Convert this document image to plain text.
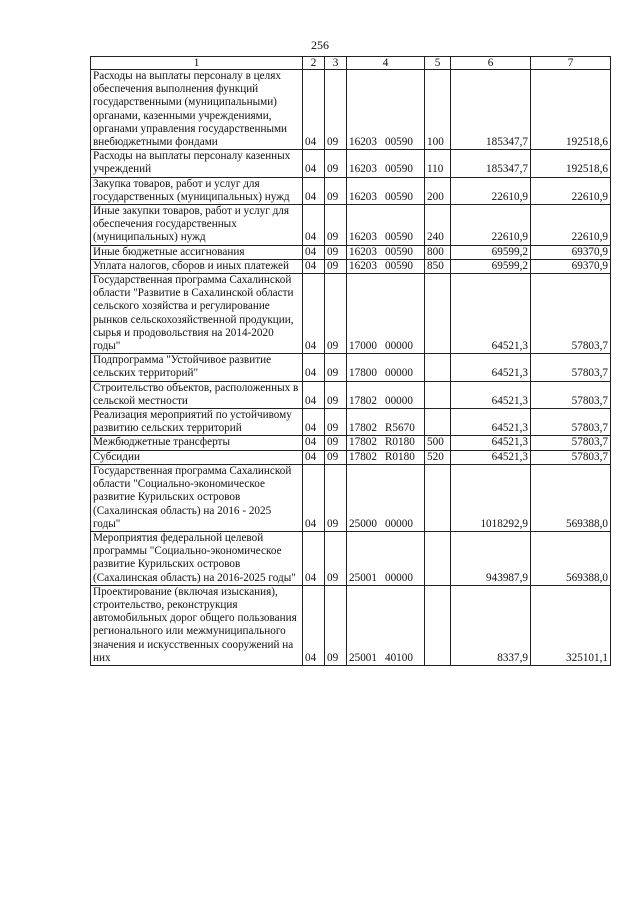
256
1	2	3	4	5	6	7
Расходы на выплаты персоналу в целях обеспечения выполнения функций государственными (муниципальными) органами, казенными учреждениями, органами управления государственными внебюджетными фондами	04	09	16203 00590	100	185347,7	192518,6
Расходы на выплаты персоналу казенных учреждений	04	09	16203 00590	110	185347,7	192518,6
Закупка товаров, работ и услуг для государственных (муниципальных) нужд	04	09	16203 00590	200	22610,9	22610,9
Иные закупки товаров, работ и услуг для обеспечения государственных (муниципальных) нужд	04	09	16203 00590	240	22610,9	22610,9
Иные бюджетные ассигнования	04	09	16203 00590	800	69599,2	69370,9
Уплата налогов, сборов и иных платежей	04	09	16203 00590	850	69599,2	69370,9
Государственная программа Сахалинской области "Развитие в Сахалинской области сельского хозяйства и регулирование рынков сельскохозяйственной продукции, сырья и продовольствия на 2014-2020 годы"	04	09	17000 00000		64521,3	57803,7
Подпрограмма "Устойчивое развитие сельских территорий"	04	09	17800 00000		64521,3	57803,7
Строительство объектов, расположенных в сельской местности	04	09	17802 00000		64521,3	57803,7
Реализация мероприятий по устойчивому развитию сельских территорий	04	09	17802 R5670		64521,3	57803,7
Межбюджетные трансферты	04	09	17802 R0180	500	64521,3	57803,7
Субсидии	04	09	17802 R0180	520	64521,3	57803,7
Государственная программа Сахалинской области "Социально-экономическое развитие Курильских островов (Сахалинская область) на 2016 - 2025 годы"	04	09	25000 00000		1018292,9	569388,0
Мероприятия федеральной целевой программы "Социально-экономическое развитие Курильских островов (Сахалинская область) на 2016-2025 годы"	04	09	25001 00000		943987,9	569388,0
Проектирование (включая изыскания), строительство, реконструкция автомобильных дорог общего пользования регионального или межмуниципального значения и искусственных сооружений на них	04	09	25001 40100		8337,9	325101,1
